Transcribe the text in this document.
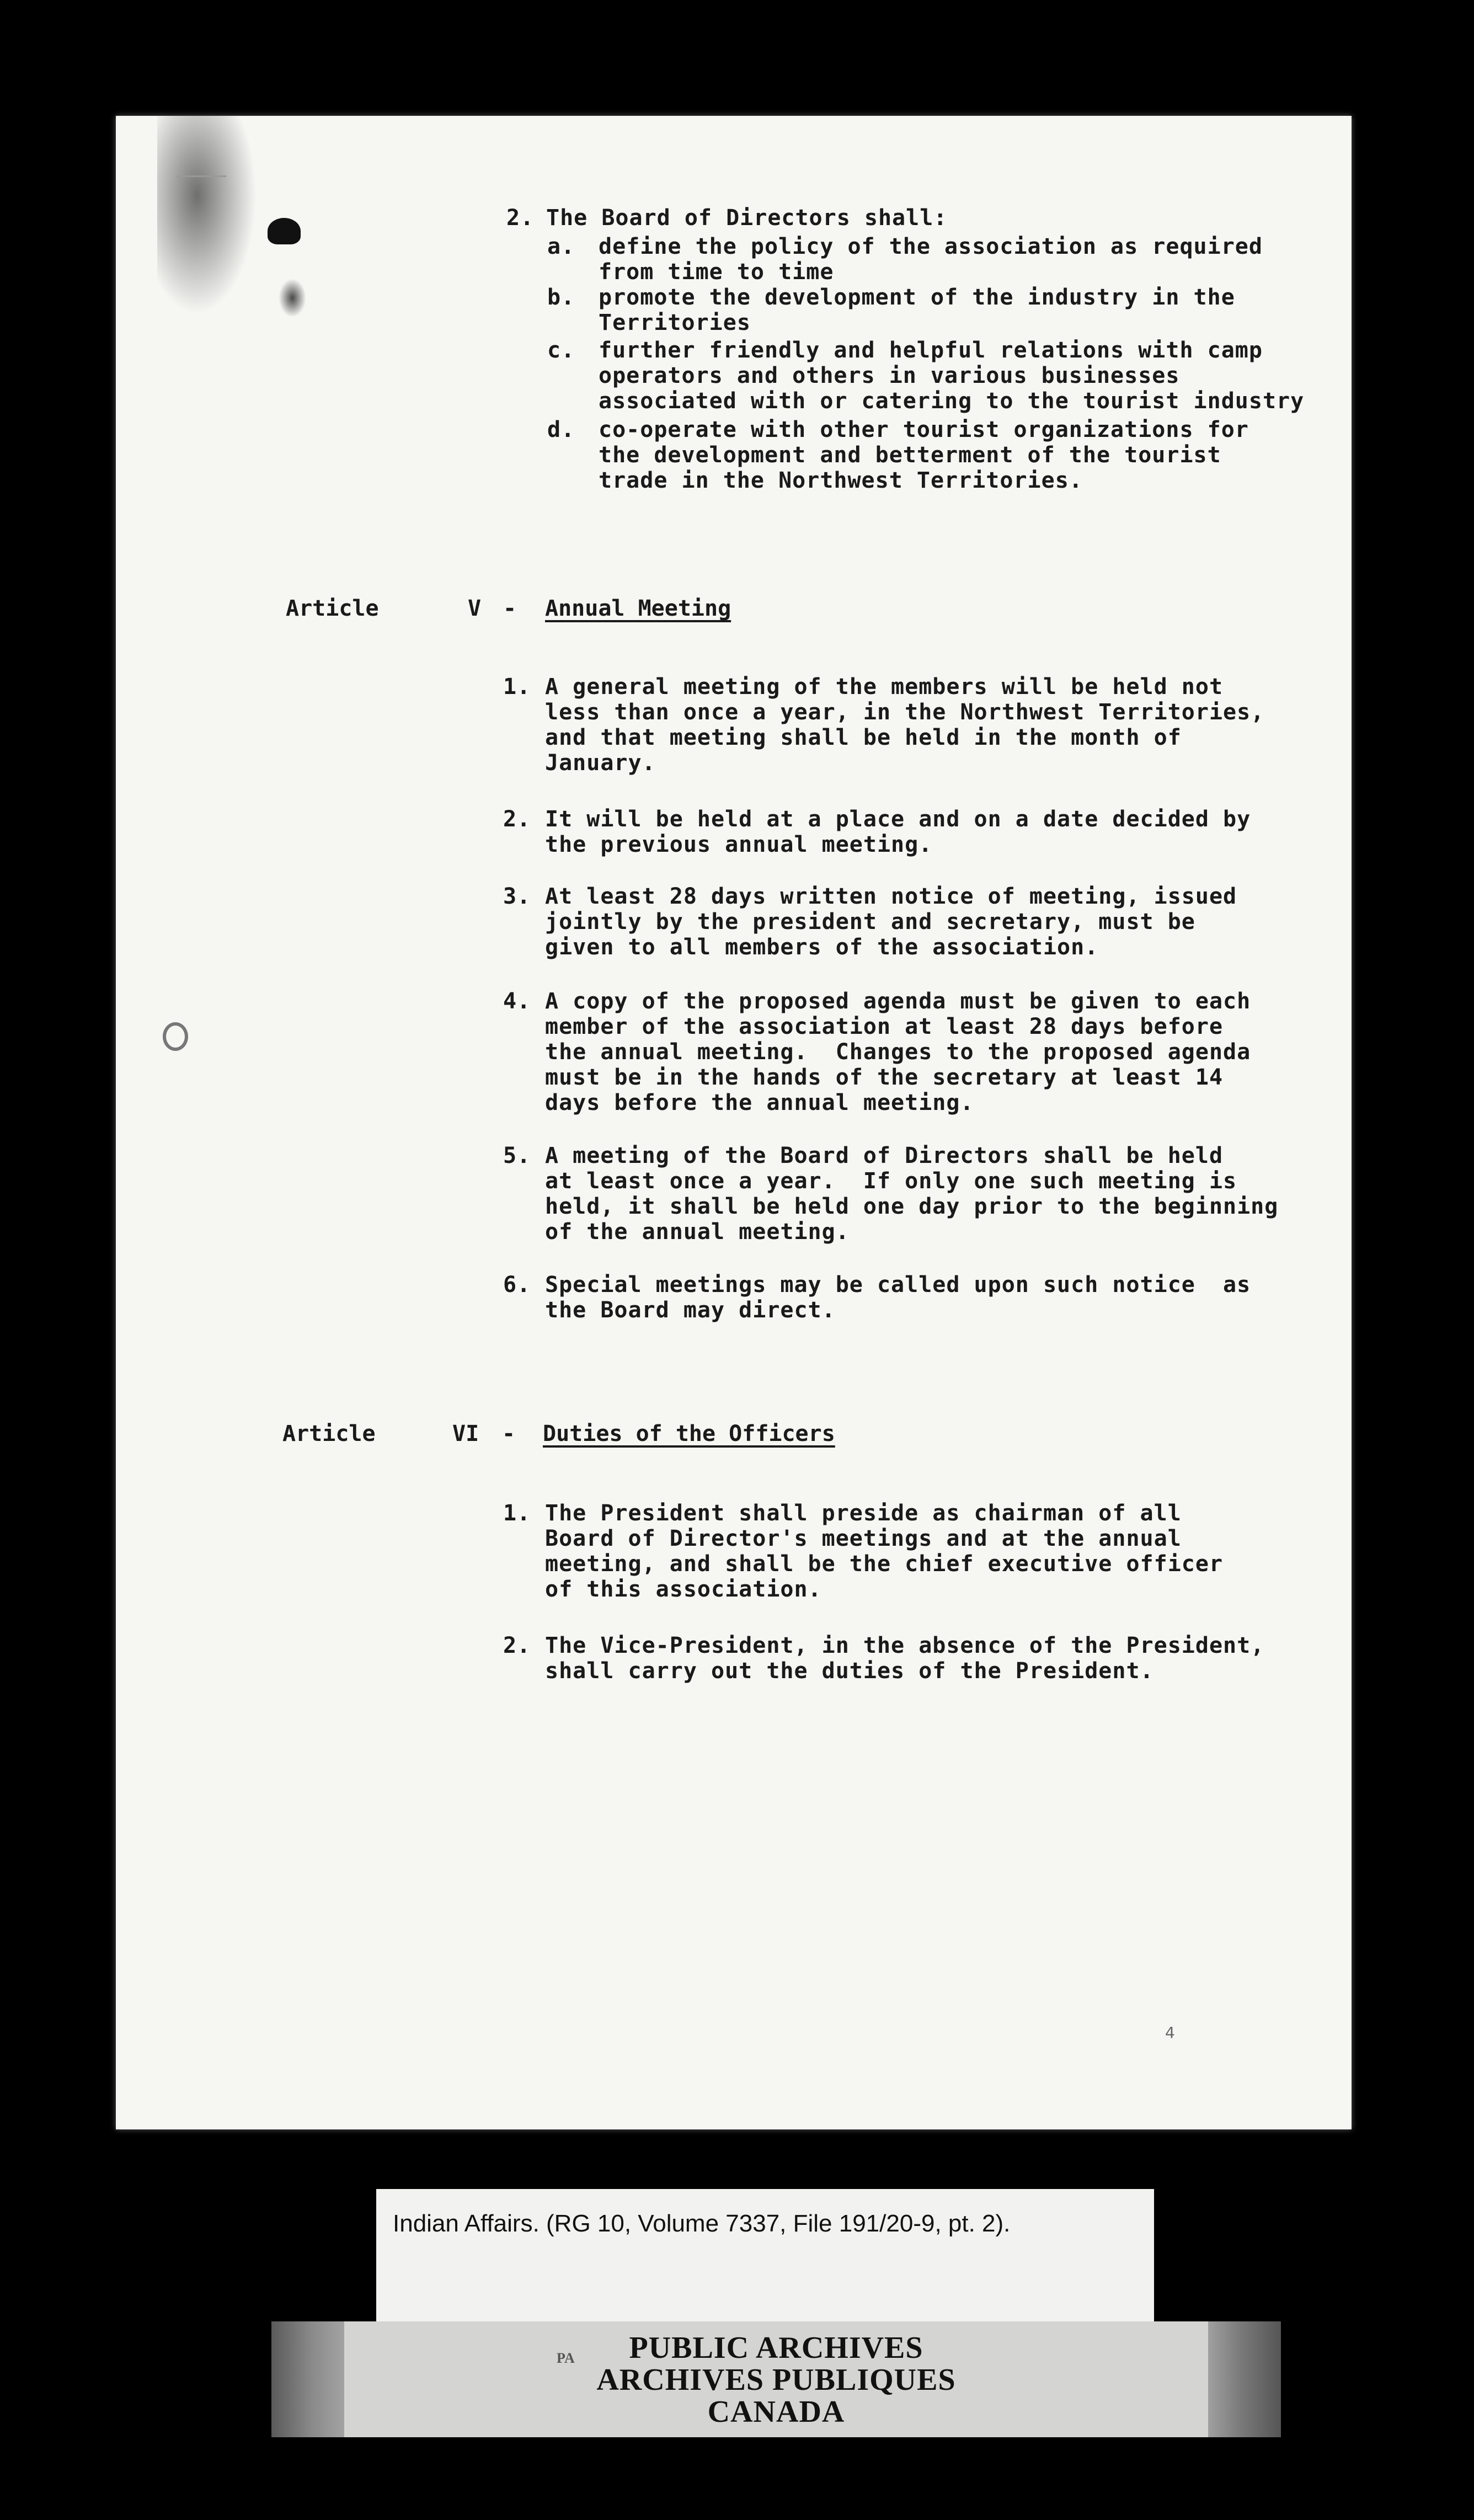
2. The Board of Directors shall:
a. define the policy of the association as required
from time to time
b. promote the development of the industry in the
Territories
c. further friendly and helpful relations with camp
operators and others in various businesses
associated with or catering to the tourist industry
d. co-operate with other tourist organizations for
the development and betterment of the tourist
trade in the Northwest Territories.
Article	V - Annual Meeting
1. A general meeting of the members will be held not
less than once a year, in the Northwest Territories,
and that meeting shall be held in the month of
January.
2. It will be held at a place and on a date decided by
the previous annual meeting.
3. At least 28 days written notice of meeting, issued
jointly by the president and secretary, must be
given to all members of the association.
4. A copy of the proposed agenda must be given to each
member of the association at least 28 days before
the annual meeting.  Changes to the proposed agenda
must be in the hands of the secretary at least 14
days before the annual meeting.
5. A meeting of the Board of Directors shall be held
at least once a year.  If only one such meeting is
held, it shall be held one day prior to the beginning
of the annual meeting.
6. Special meetings may be called upon such notice  as
the Board may direct.
Article	VI - Duties of the Officers
1. The President shall preside as chairman of all
Board of Director's meetings and at the annual
meeting, and shall be the chief executive officer
of this association.
2. The Vice-President, in the absence of the President,
shall carry out the duties of the President.
4
Indian Affairs. (RG 10, Volume 7337, File 191/20-9, pt. 2).
PA	PUBLIC ARCHIVES
ARCHIVES PUBLIQUES
CANADA
